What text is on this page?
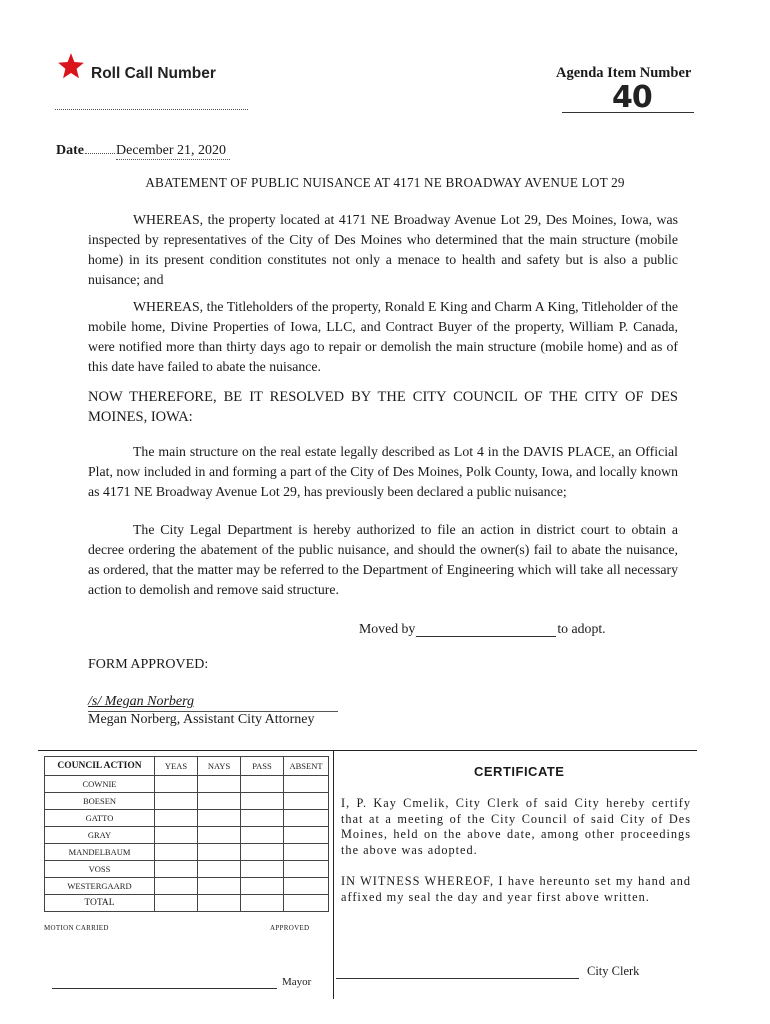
Roll Call Number	Agenda Item Number
40
Date December 21, 2020
ABATEMENT OF PUBLIC NUISANCE AT 4171 NE BROADWAY AVENUE LOT 29
WHEREAS, the property located at 4171 NE Broadway Avenue Lot 29, Des Moines, Iowa, was inspected by representatives of the City of Des Moines who determined that the main structure (mobile home) in its present condition constitutes not only a menace to health and safety but is also a public nuisance; and
WHEREAS, the Titleholders of the property, Ronald E King and Charm A King, Titleholder of the mobile home, Divine Properties of Iowa, LLC, and Contract Buyer of the property, William P. Canada, were notified more than thirty days ago to repair or demolish the main structure (mobile home) and as of this date have failed to abate the nuisance.
NOW THEREFORE, BE IT RESOLVED BY THE CITY COUNCIL OF THE CITY OF DES MOINES, IOWA:
The main structure on the real estate legally described as Lot 4 in the DAVIS PLACE, an Official Plat, now included in and forming a part of the City of Des Moines, Polk County, Iowa, and locally known as 4171 NE Broadway Avenue Lot 29, has previously been declared a public nuisance;
The City Legal Department is hereby authorized to file an action in district court to obtain a decree ordering the abatement of the public nuisance, and should the owner(s) fail to abate the nuisance, as ordered, that the matter may be referred to the Department of Engineering which will take all necessary action to demolish and remove said structure.
Moved by	to adopt.
FORM APPROVED:
/s/ Megan Norberg
Megan Norberg, Assistant City Attorney
COUNCIL ACTION	YEAS	NAYS	PASS	ABSENT
COWNIE				
BOESEN				
GATTO				
GRAY				
MANDELBAUM				
VOSS				
WESTERGAARD				
TOTAL				
MOTION CARRIED	APPROVED
Mayor
CERTIFICATE
I, P. Kay Cmelik, City Clerk of said City hereby certify that at a meeting of the City Council of said City of Des Moines, held on the above date, among other proceedings the above was adopted.
IN WITNESS WHEREOF, I have hereunto set my hand and affixed my seal the day and year first above written.
City Clerk
